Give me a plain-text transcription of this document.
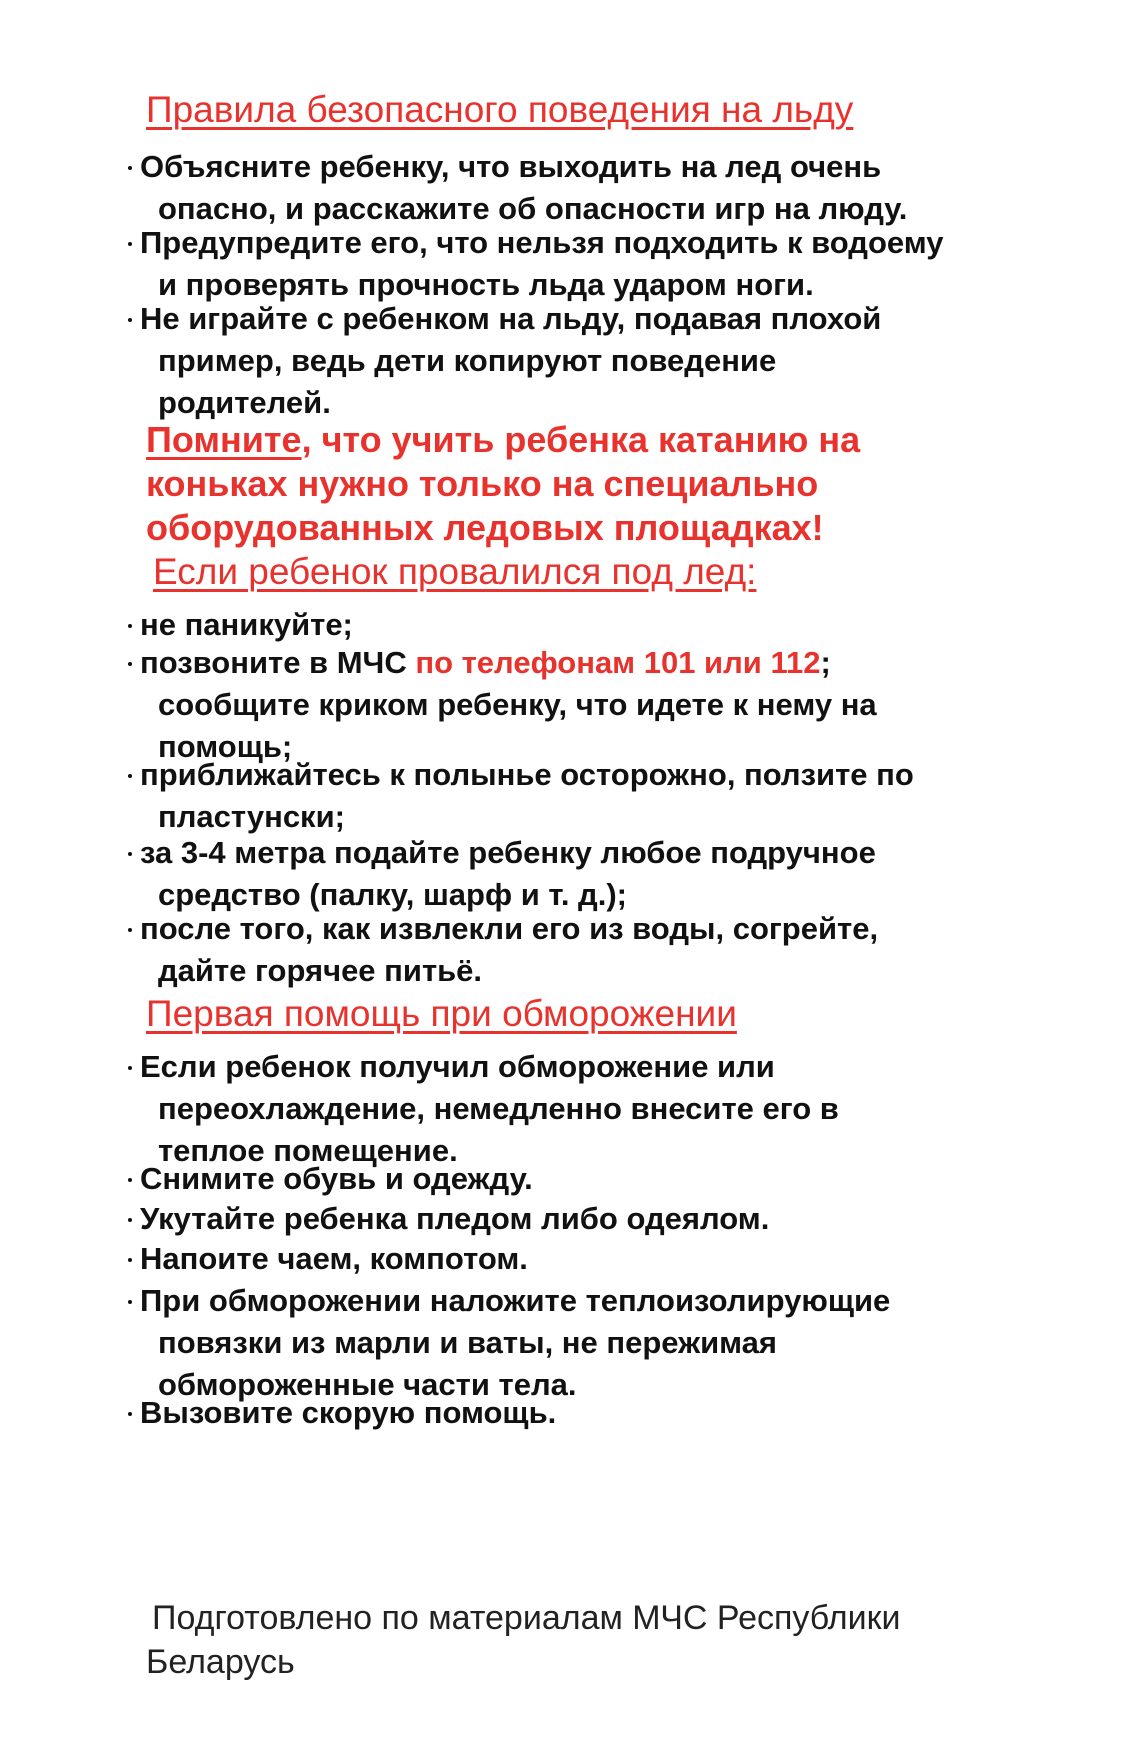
Правила безопасного поведения на льду
Объясните ребенку, что выходить на лед очень
опасно, и расскажите об опасности игр на люду.
Предупредите его, что нельзя подходить к водоему
и проверять прочность льда ударом ноги.
Не играйте с ребенком на льду, подавая плохой
пример, ведь дети копируют поведение
родителей.
Помните, что учить ребенка катанию на
коньках нужно только на специально
оборудованных ледовых площадках!
Если ребенок провалился под лед:
не паникуйте;
позвоните в МЧС по телефонам 101 или 112;
сообщите криком ребенку, что идете к нему на
помощь;
приближайтесь к полынье осторожно, ползите по
пластунски;
за 3-4 метра подайте ребенку любое подручное
средство (палку, шарф и т. д.);
после того, как извлекли его из воды, согрейте,
дайте горячее питьё.
Первая помощь при обморожении
Если ребенок получил обморожение или
переохлаждение, немедленно внесите его в
теплое помещение.
Снимите обувь и одежду.
Укутайте ребенка пледом либо одеялом.
Напоите чаем, компотом.
При обморожении наложите теплоизолирующие
повязки из марли и ваты, не пережимая
обмороженные части тела.
Вызовите скорую помощь.
Подготовлено по материалам МЧС Республики
Беларусь
